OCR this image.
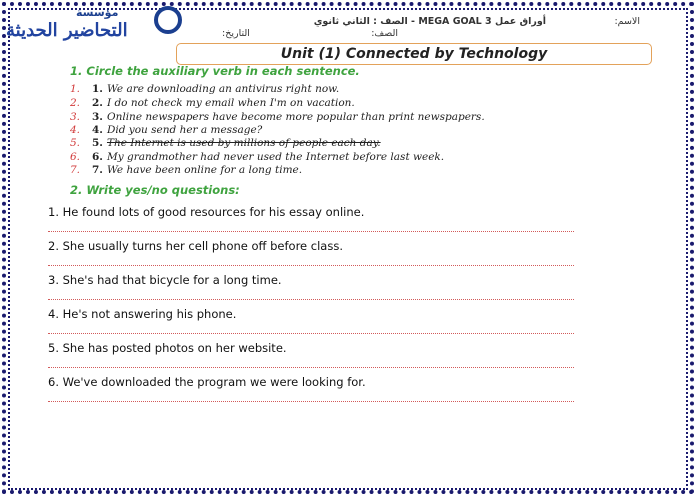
مؤسسة
التحاضير الحديثة	أوراق عمل MEGA GOAL 3 - الصف : الثاني ثانوي	الاسم:
الصف:
التاريخ:
Unit (1) Connected by Technology
1. Circle the auxiliary verb in each sentence.
1. 1. We are downloading an antivirus right now.
2. 2. I do not check my email when I'm on vacation.
3. 3. Online newspapers have become more popular than print newspapers.
4. 4. Did you send her a message?
5. 5. The Internet is used by millions of people each day.
6. 6. My grandmother had never used the Internet before last week.
7. 7. We have been online for a long time.
2. Write yes/no questions:
1. He found lots of good resources for his essay online.
2. She usually turns her cell phone off before class.
3. She's had that bicycle for a long time.
4. He's not answering his phone.
5. She has posted photos on her website.
6. We've downloaded the program we were looking for.
